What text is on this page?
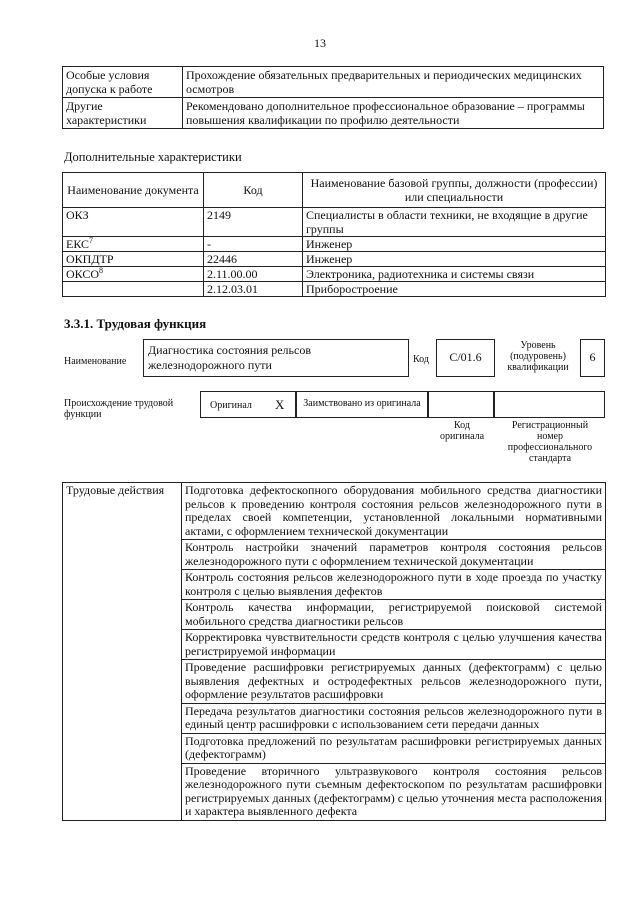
13
Особые условия допуска к работе	Прохождение обязательных предварительных и периодических медицинских осмотров
Другие характеристики	Рекомендовано дополнительное профессиональное образование – программы повышения квалификации по профилю деятельности
Дополнительные характеристики
Наименование документа	Код	Наименование базовой группы, должности (профессии) или специальности
ОКЗ	2149	Специалисты в области техники, не входящие в другие группы
ЕКС$^7$	-	Инженер
ОКПДТР	22446	Инженер
ОКСО$^8$	2.11.00.00	Электроника, радиотехника и системы связи
	2.12.03.01	Приборостроение
3.3.1. Трудовая функция
Наименование
Диагностика состояния рельсов железнодорожного пути	Код	C/01.6
Уровень (подуровень) квалификации
6
Происхождение трудовой функции
Оригинал X	Заимствовано из оригинала
Код оригинала
Регистрационный номер профессионального стандарта
Трудовые действия	Подготовка дефектоскопного оборудования мобильного средства диагностики рельсов к проведению контроля состояния рельсов железнодорожного пути в пределах своей компетенции, установленной локальными нормативными актами, с оформлением технической документации
Контроль настройки значений параметров контроля состояния рельсов железнодорожного пути с оформлением технической документации
Контроль состояния рельсов железнодорожного пути в ходе проезда по участку контроля с целью выявления дефектов
Контроль качества информации, регистрируемой поисковой системой мобильного средства диагностики рельсов
Корректировка чувствительности средств контроля с целью улучшения качества регистрируемой информации
Проведение расшифровки регистрируемых данных (дефектограмм) с целью выявления дефектных и остродефектных рельсов железнодорожного пути, оформление результатов расшифровки
Передача результатов диагностики состояния рельсов железнодорожного пути в единый центр расшифровки с использованием сети передачи данных
Подготовка предложений по результатам расшифровки регистрируемых данных (дефектограмм)
Проведение вторичного ультразвукового контроля состояния рельсов железнодорожного пути съемным дефектоскопом по результатам расшифровки регистрируемых данных (дефектограмм) с целью уточнения места расположения и характера выявленного дефекта
